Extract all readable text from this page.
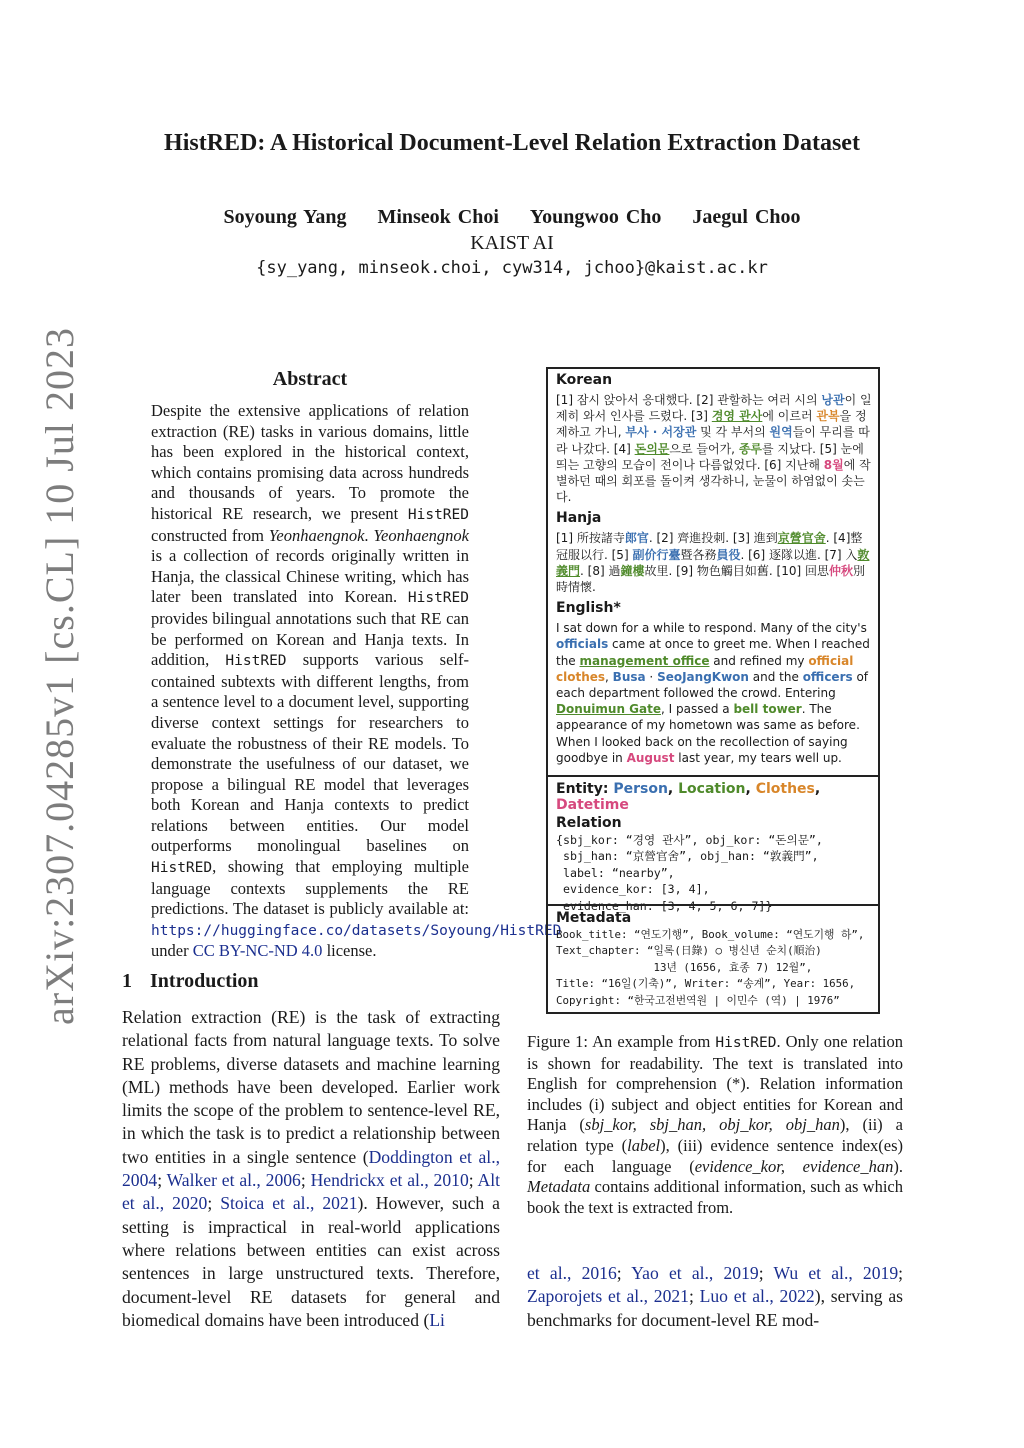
arXiv:2307.04285v1 [cs.CL] 10 Jul 2023
HistRED: A Historical Document-Level Relation Extraction Dataset
Soyoung Yang Minseok Choi Youngwoo Cho Jaegul Choo
KAIST AI
{sy_yang, minseok.choi, cyw314, jchoo}@kaist.ac.kr
Abstract
Despite the extensive applications of relation extraction (RE) tasks in various domains, little has been explored in the historical context, which contains promising data across hundreds and thousands of years. To promote the historical RE research, we present HistRED constructed from Yeonhaengnok. Yeonhaengnok is a collection of records originally written in Hanja, the classical Chinese writing, which has later been translated into Korean. HistRED provides bilingual annotations such that RE can be performed on Korean and Hanja texts. In addition, HistRED supports various self-contained subtexts with different lengths, from a sentence level to a document level, supporting diverse context settings for researchers to evaluate the robustness of their RE models. To demonstrate the usefulness of our dataset, we propose a bilingual RE model that leverages both Korean and Hanja contexts to predict relations between entities. Our model outperforms monolingual baselines on HistRED, showing that employing multiple language contexts supplements the RE predictions. The dataset is publicly available at: https://huggingface.co/datasets/Soyoung/HistRED under CC BY-NC-ND 4.0 license.
1 Introduction
Relation extraction (RE) is the task of extracting relational facts from natural language texts. To solve RE problems, diverse datasets and machine learning (ML) methods have been developed. Earlier work limits the scope of the problem to sentence-level RE, in which the task is to predict a relationship between two entities in a single sentence (Doddington et al., 2004; Walker et al., 2006; Hendrickx et al., 2010; Alt et al., 2020; Stoica et al., 2021). However, such a setting is impractical in real-world applications where relations between entities can exist across sentences in large unstructured texts. Therefore, document-level RE datasets for general and biomedical domains have been introduced (Li

Korean

[1] 잠시 앉아서 응대했다. [2] 관할하는 여러 시의 낭관이 일제히 와서 인사를 드렸다. [3] 경영 관사에 이르러 관복을 정제하고 가니, 부사 · 서장관 및 각 부서의 원역들이 무리를 따라 나갔다. [4] 돈의문으로 들어가, 종루를 지났다. [5] 눈에 띄는 고향의 모습이 전이나 다름없었다. [6] 지난해 8월에 작별하던 때의 회포를 돌이켜 생각하니, 눈물이 하염없이 솟는다.

Hanja

[1] 所按諸寺郎官. [2] 齊進投刺. [3] 進到京營官舍. [4]整冠服以行. [5] 副价行臺暨各務員役. [6] 逐隊以進. [7] 入敦義門. [8] 過鐘樓故里. [9] 物色觸目如舊. [10] 回思仲秋別時情懷.

English*

I sat down for a while to respond. Many of the city's officials came at once to greet me. When I reached the management office and refined my official clothes, Busa · SeoJangKwon and the officers of each department followed the crowd. Entering Donuimun Gate, I passed a bell tower. The appearance of my hometown was same as before. When I looked back on the recollection of saying goodbye in August last year, my tears well up.

Entity: Person, Location, Clothes, Datetime

Relation

{sbj_kor: “경영 관사”, obj_kor: “돈의문”,

sbj_han: “京營官舍”, obj_han: “敦義門”,

label: “nearby”,

evidence_kor: [3, 4],

evidence_han: [3, 4, 5, 6, 7]}

Metadata

Book_title: “연도기행”, Book_volume: “연도기행 하”,

Text_chapter: “일록(日錄) ○ 병신년 순치(順治)

13년 (1656, 효종 7) 12월”,

Title: “16일(기축)”, Writer: “송계”, Year: 1656,

Copyright: “한국고전번역원 | 이민수 (역) | 1976”

Figure 1: An example from HistRED. Only one relation is shown for readability. The text is translated into English for comprehension (*). Relation information includes (i) subject and object entities for Korean and Hanja (sbj_kor, sbj_han, obj_kor, obj_han), (ii) a relation type (label), (iii) evidence sentence index(es) for each language (evidence_kor, evidence_han). Metadata contains additional information, such as which book the text is extracted from.
et al., 2016; Yao et al., 2019; Wu et al., 2019; Zaporojets et al., 2021; Luo et al., 2022), serving as benchmarks for document-level RE mod-
